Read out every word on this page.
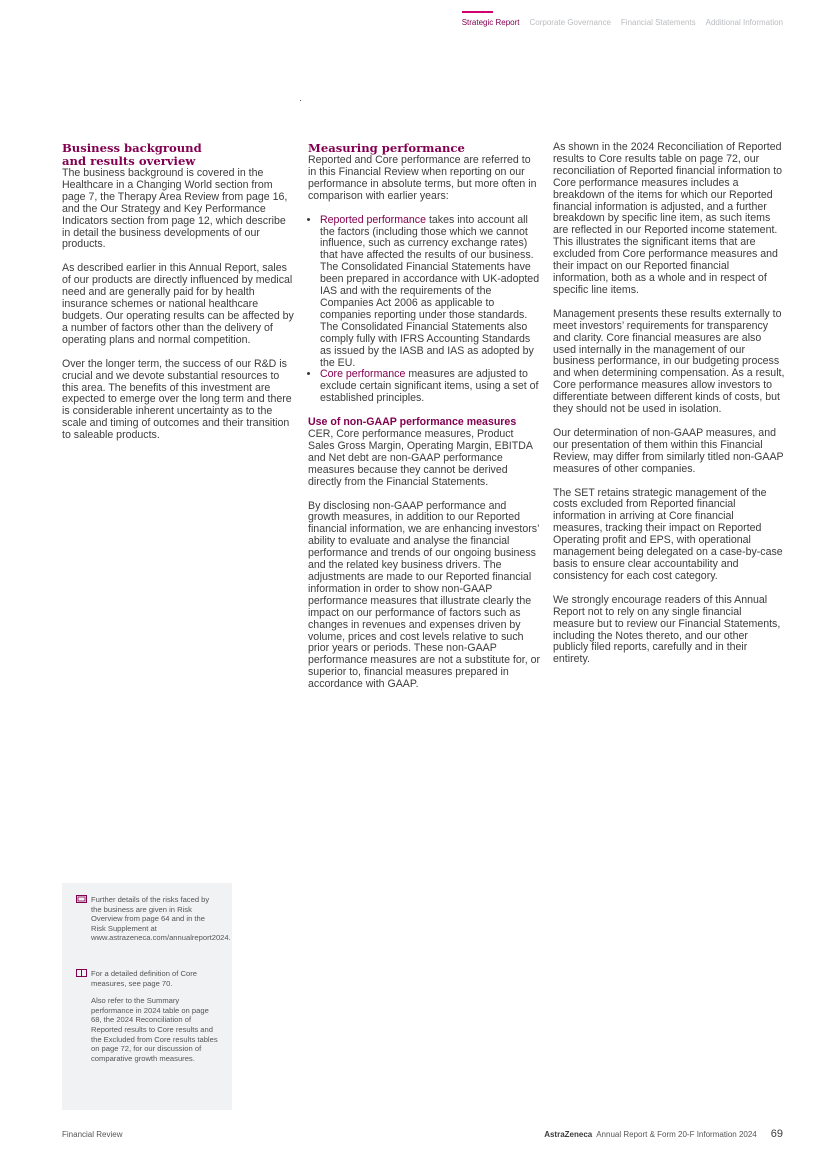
Strategic Report Corporate Governance Financial Statements Additional Information
Business background and results overview

The business background is covered in the Healthcare in a Changing World section from page 7, the Therapy Area Review from page 16, and the Our Strategy and Key Performance Indicators section from page 12, which describe in detail the business developments of our products.

As described earlier in this Annual Report, sales of our products are directly influenced by medical need and are generally paid for by health insurance schemes or national healthcare budgets. Our operating results can be affected by a number of factors other than the delivery of operating plans and normal competition.

Over the longer term, the success of our R&D is crucial and we devote substantial resources to this area. The benefits of this investment are expected to emerge over the long term and there is considerable inherent uncertainty as to the scale and timing of outcomes and their transition to saleable products.

Measuring performance

Reported and Core performance are referred to in this Financial Review when reporting on our performance in absolute terms, but more often in comparison with earlier years:

• Reported performance takes into account all the factors (including those which we cannot influence, such as currency exchange rates) that have affected the results of our business. The Consolidated Financial Statements have been prepared in accordance with UK-adopted IAS and with the requirements of the Companies Act 2006 as applicable to companies reporting under those standards. The Consolidated Financial Statements also comply fully with IFRS Accounting Standards as issued by the IASB and IAS as adopted by the EU.
• Core performance measures are adjusted to exclude certain significant items, using a set of established principles.
Use of non-GAAP performance measures

CER, Core performance measures, Product Sales Gross Margin, Operating Margin, EBITDA and Net debt are non-GAAP performance measures because they cannot be derived directly from the Financial Statements.

By disclosing non-GAAP performance and growth measures, in addition to our Reported financial information, we are enhancing investors’ ability to evaluate and analyse the financial performance and trends of our ongoing business and the related key business drivers. The adjustments are made to our Reported financial information in order to show non-GAAP performance measures that illustrate clearly the impact on our performance of factors such as changes in revenues and expenses driven by volume, prices and cost levels relative to such prior years or periods. These non-GAAP performance measures are not a substitute for, or superior to, financial measures prepared in accordance with GAAP.

As shown in the 2024 Reconciliation of Reported results to Core results table on page 72, our reconciliation of Reported financial information to Core performance measures includes a breakdown of the items for which our Reported financial information is adjusted, and a further breakdown by specific line item, as such items are reflected in our Reported income statement. This illustrates the significant items that are excluded from Core performance measures and their impact on our Reported financial information, both as a whole and in respect of specific line items.

Management presents these results externally to meet investors’ requirements for transparency and clarity. Core financial measures are also used internally in the management of our business performance, in our budgeting process and when determining compensation. As a result, Core performance measures allow investors to differentiate between different kinds of costs, but they should not be used in isolation.

Our determination of non-GAAP measures, and our presentation of them within this Financial Review, may differ from similarly titled non-GAAP measures of other companies.

The SET retains strategic management of the costs excluded from Reported financial information in arriving at Core financial measures, tracking their impact on Reported Operating profit and EPS, with operational management being delegated on a case-by-case basis to ensure clear accountability and consistency for each cost category.

We strongly encourage readers of this Annual Report not to rely on any single financial measure but to review our Financial Statements, including the Notes thereto, and our other publicly filed reports, carefully and in their entirety.

Further details of the risks faced by the business are given in Risk Overview from page 64 and in the Risk Supplement at www.astrazeneca.com/annualreport2024.

For a detailed definition of Core measures, see page 70.

Also refer to the Summary performance in 2024 table on page 68, the 2024 Reconciliation of Reported results to Core results and the Excluded from Core results tables on page 72, for our discussion of comparative growth measures.

Financial Review	AstraZeneca Annual Report & Form 20-F Information 2024 69
